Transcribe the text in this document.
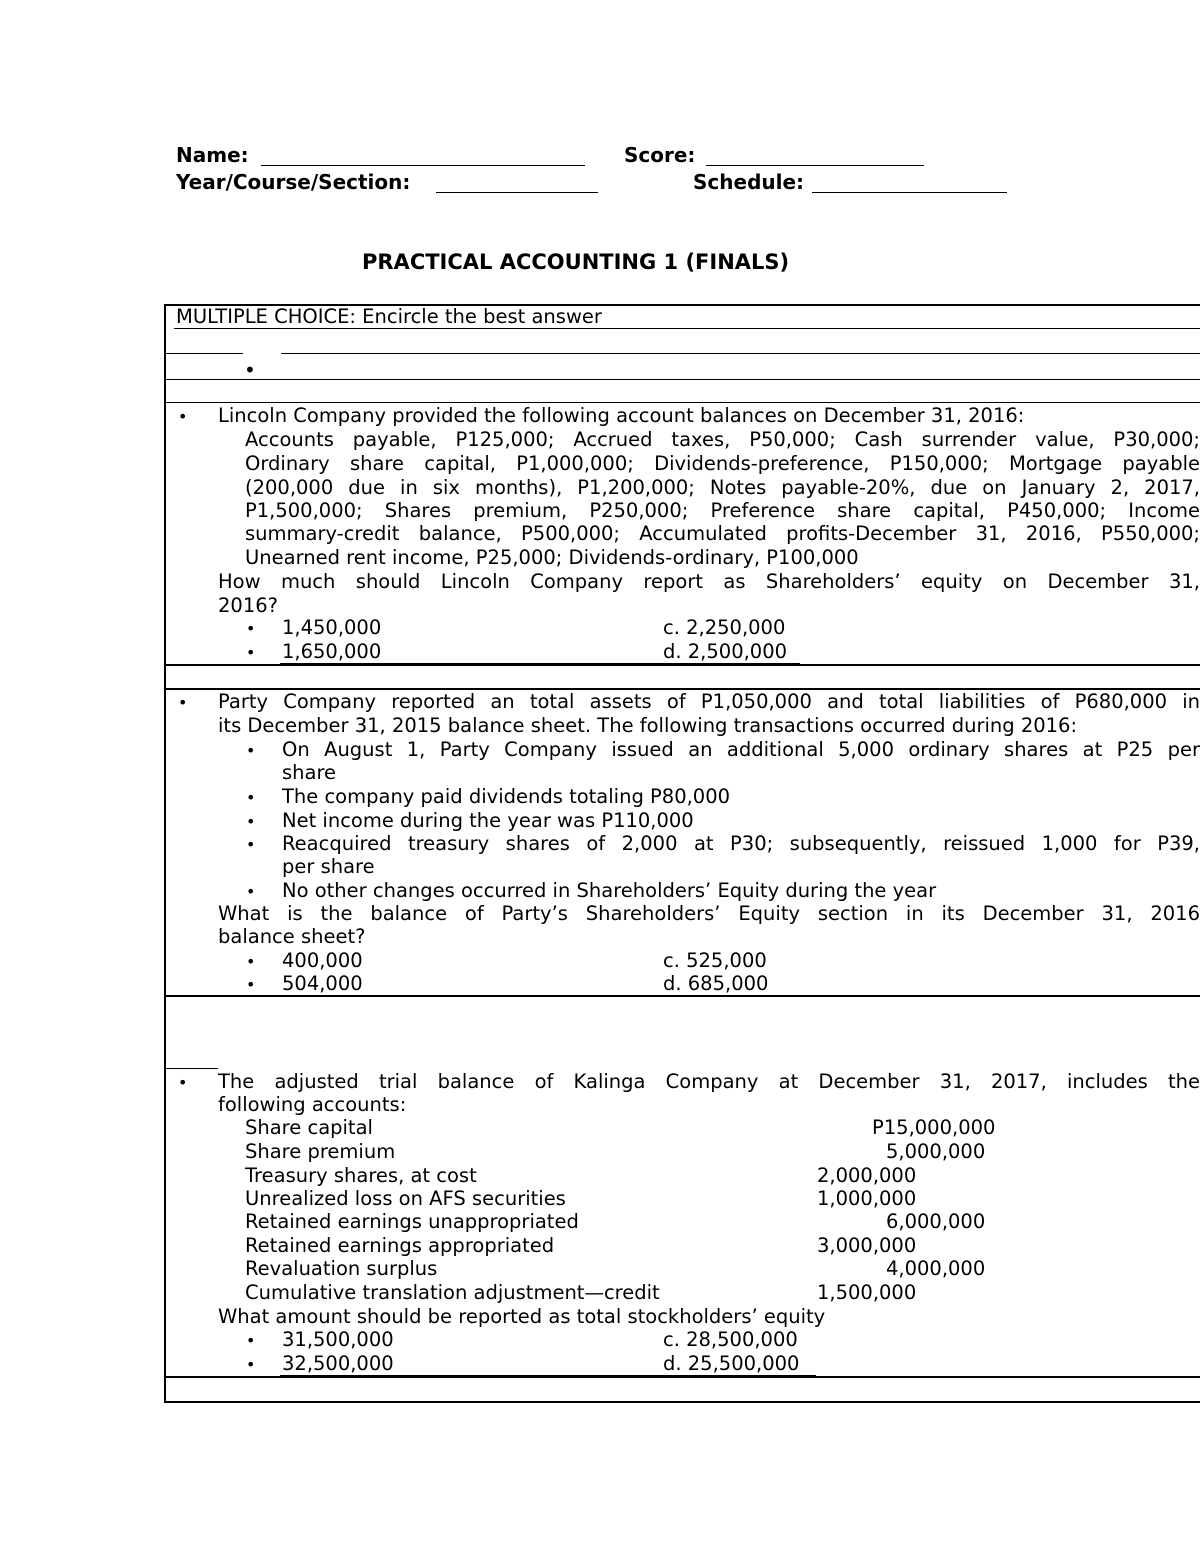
Name:	Score:
Year/Course/Section:	Schedule:
PRACTICAL ACCOUNTING 1 (FINALS)
MULTIPLE CHOICE: Encircle the best answer
•
• Lincoln Company provided the following account balances on December 31, 2016:
Accounts payable, P125,000; Accrued taxes, P50,000; Cash surrender value, P30,000;
Ordinary share capital, P1,000,000; Dividends-preference, P150,000; Mortgage payable
(200,000 due in six months), P1,200,000; Notes payable-20%, due on January 2, 2017,
P1,500,000; Shares premium, P250,000; Preference share capital, P450,000; Income
summary-credit balance, P500,000; Accumulated profits-December 31, 2016, P550,000;
Unearned rent income, P25,000; Dividends-ordinary, P100,000
How much should Lincoln Company report as Shareholders’ equity on December 31,
2016?
• 1,450,000	c. 2,250,000
• 1,650,000	d. 2,500,000
• Party Company reported an total assets of P1,050,000 and total liabilities of P680,000 in
its December 31, 2015 balance sheet. The following transactions occurred during 2016:
• On August 1, Party Company issued an additional 5,000 ordinary shares at P25 per
share
• The company paid dividends totaling P80,000
• Net income during the year was P110,000
• Reacquired treasury shares of 2,000 at P30; subsequently, reissued 1,000 for P39,
per share
• No other changes occurred in Shareholders’ Equity during the year
What is the balance of Party’s Shareholders’ Equity section in its December 31, 2016
balance sheet?
• 400,000	c. 525,000
• 504,000	d. 685,000
• The adjusted trial balance of Kalinga Company at December 31, 2017, includes the
following accounts:
Share capital	P15,000,000
Share premium	5,000,000
Treasury shares, at cost	2,000,000
Unrealized loss on AFS securities	1,000,000
Retained earnings unappropriated	6,000,000
Retained earnings appropriated	3,000,000
Revaluation surplus	4,000,000
Cumulative translation adjustment—credit	1,500,000
What amount should be reported as total stockholders’ equity
• 31,500,000	c. 28,500,000
• 32,500,000	d. 25,500,000
